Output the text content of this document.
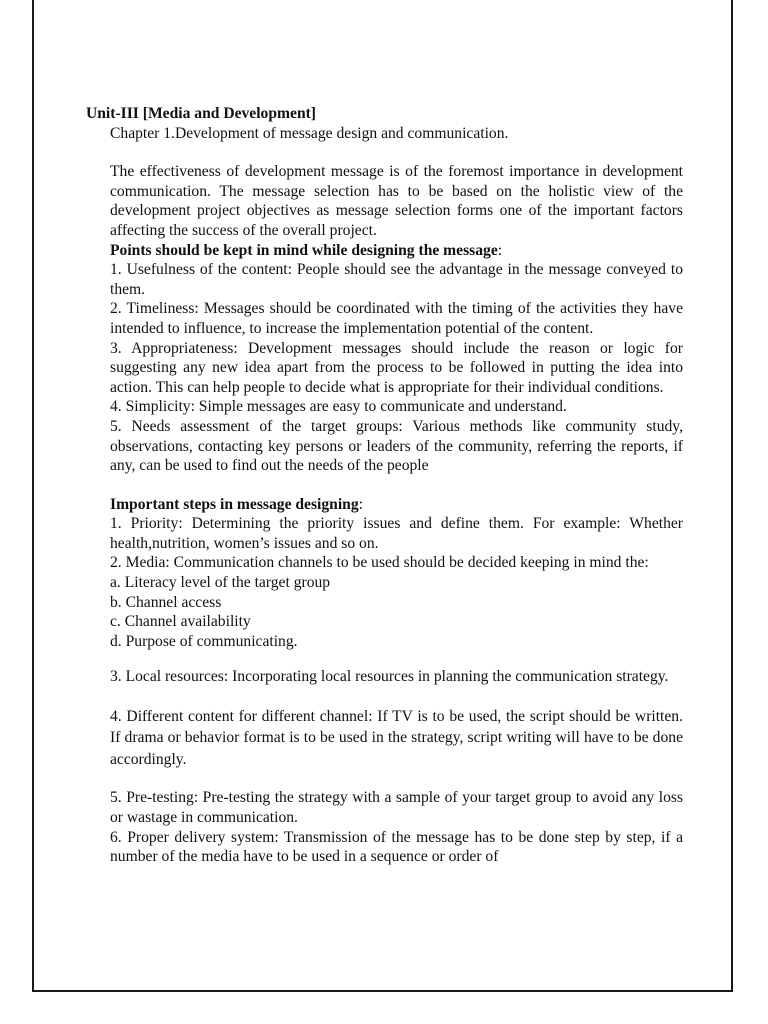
Unit-III [Media and Development]
Chapter 1.Development of message design and communication.

The effectiveness of development message is of the foremost importance in development communication. The message selection has to be based on the holistic view of the development project objectives as message selection forms one of the important factors affecting the success of the overall project.

Points should be kept in mind while designing the message:

1. Usefulness of the content: People should see the advantage in the message conveyed to them.

2. Timeliness: Messages should be coordinated with the timing of the activities they have intended to influence, to increase the implementation potential of the content.

3. Appropriateness: Development messages should include the reason or logic for suggesting any new idea apart from the process to be followed in putting the idea into action. This can help people to decide what is appropriate for their individual conditions.

4. Simplicity: Simple messages are easy to communicate and understand.

5. Needs assessment of the target groups: Various methods like community study, observations, contacting key persons or leaders of the community, referring the reports, if any, can be used to find out the needs of the people

Important steps in message designing:

1. Priority: Determining the priority issues and define them. For example: Whether health,nutrition, women’s issues and so on.

2. Media: Communication channels to be used should be decided keeping in mind the:

a. Literacy level of the target group

b. Channel access

c. Channel availability

d. Purpose of communicating.

3. Local resources: Incorporating local resources in planning the communication strategy.

4. Different content for different channel: If TV is to be used, the script should be written. If drama or behavior format is to be used in the strategy, script writing will have to be done accordingly.

5. Pre-testing: Pre-testing the strategy with a sample of your target group to avoid any loss or wastage in communication.

6. Proper delivery system: Transmission of the message has to be done step by step, if a number of the media have to be used in a sequence or order of
